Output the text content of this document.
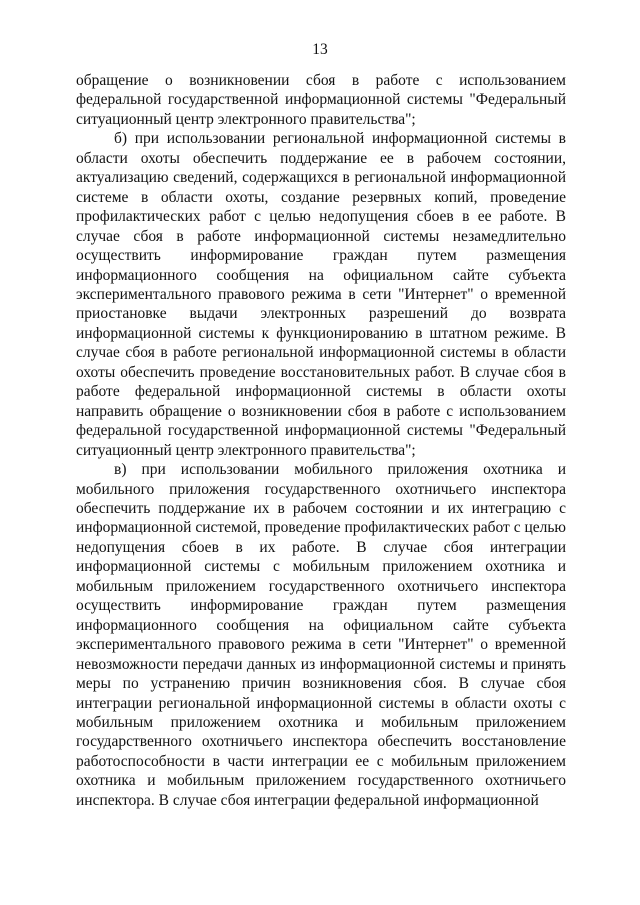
13

обращение о возникновении сбоя в работе с использованием федеральной государственной информационной системы "Федеральный ситуационный центр электронного правительства";

б) при использовании региональной информационной системы в области охоты обеспечить поддержание ее в рабочем состоянии, актуализацию сведений, содержащихся в региональной информационной системе в области охоты, создание резервных копий, проведение профилактических работ с целью недопущения сбоев в ее работе. В случае сбоя в работе информационной системы незамедлительно осуществить информирование граждан путем размещения информационного сообщения на официальном сайте субъекта экспериментального правового режима в сети "Интернет" о временной приостановке выдачи электронных разрешений до возврата информационной системы к функционированию в штатном режиме. В случае сбоя в работе региональной информационной системы в области охоты обеспечить проведение восстановительных работ. В случае сбоя в работе федеральной информационной системы в области охоты направить обращение о возникновении сбоя в работе с использованием федеральной государственной информационной системы "Федеральный ситуационный центр электронного правительства";

в) при использовании мобильного приложения охотника и мобильного приложения государственного охотничьего инспектора обеспечить поддержание их в рабочем состоянии и их интеграцию с информационной системой, проведение профилактических работ с целью недопущения сбоев в их работе. В случае сбоя интеграции информационной системы с мобильным приложением охотника и мобильным приложением государственного охотничьего инспектора осуществить информирование граждан путем размещения информационного сообщения на официальном сайте субъекта экспериментального правового режима в сети "Интернет" о временной невозможности передачи данных из информационной системы и принять меры по устранению причин возникновения сбоя. В случае сбоя интеграции региональной информационной системы в области охоты с мобильным приложением охотника и мобильным приложением государственного охотничьего инспектора обеспечить восстановление работоспособности в части интеграции ее с мобильным приложением охотника и мобильным приложением государственного охотничьего инспектора. В случае сбоя интеграции федеральной информационной
